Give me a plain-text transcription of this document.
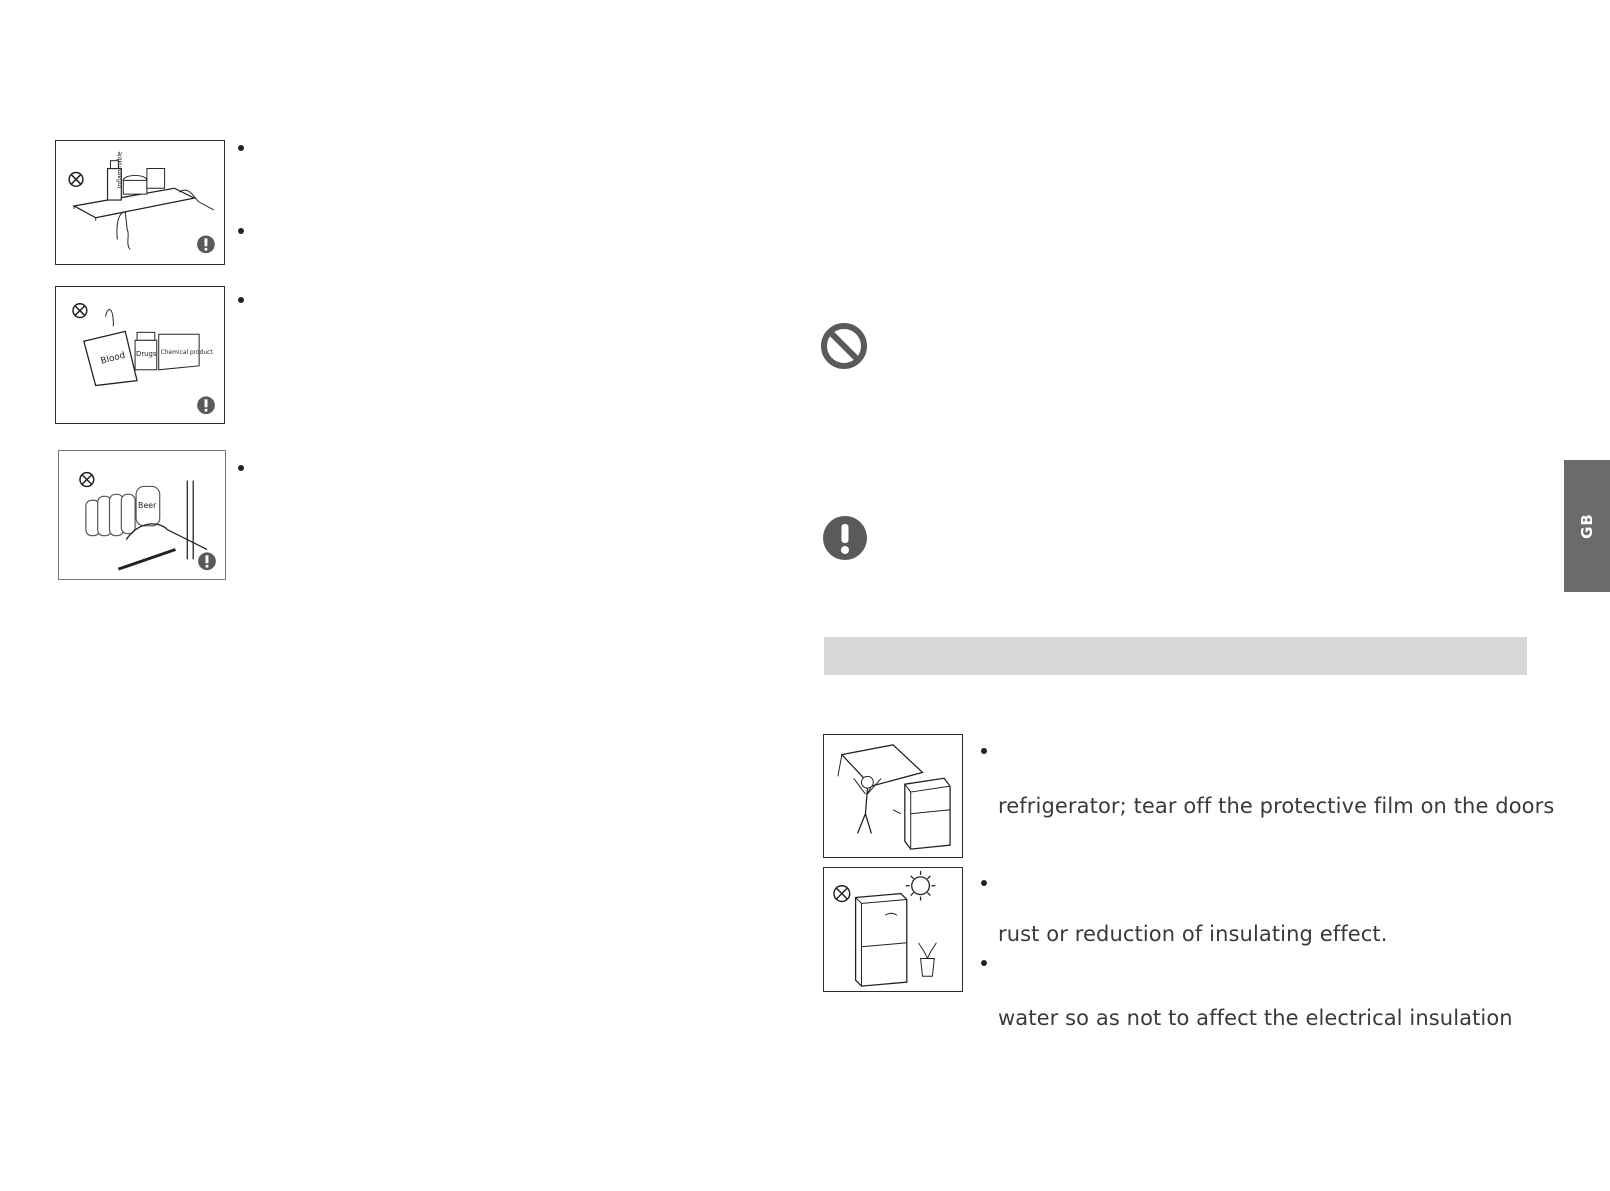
Inflammable
Blood Drugs Chemical product
Beer
refrigerator; tear off the protective film on the doors
rust or reduction of insulating effect.
water so as not to affect the electrical insulation
GB
